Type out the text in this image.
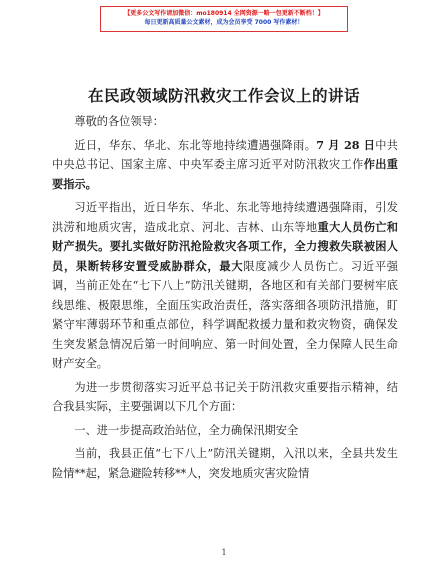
【更多公文写作请加微信：mo180914 全网资源一略一包更新不断档！】
每日更新高质量公文素材，成为会员享受 7000 写作素材！
在民政领域防汛救灾工作会议上的讲话

尊敬的各位领导：

近日，华东、华北、东北等地持续遭遇强降雨。7 月 28 日中共中央总书记、国家主席、中央军委主席习近平对防汛救灾工作作出重要指示。

习近平指出，近日华东、华北、东北等地持续遭遇强降雨，引发洪涝和地质灾害，造成北京、河北、吉林、山东等地重大人员伤亡和财产损失。要扎实做好防汛抢险救灾各项工作，全力搜救失联被困人员，果断转移安置受威胁群众，最大限度减少人员伤亡。习近平强调，当前正处在“七下八上”防汛关键期，各地区和有关部门要树牢底线思维、极限思维，全面压实政治责任，落实落细各项防汛措施，盯紧守牢薄弱环节和重点部位，科学调配救援力量和救灾物资，确保发生突发紧急情况后第一时间响应、第一时间处置，全力保障人民生命财产安全。

为进一步贯彻落实习近平总书记关于防汛救灾重要指示精神，结合我县实际，主要强调以下几个方面：

一、进一步提高政治站位，全力确保汛期安全

当前，我县正值“七下八上”防汛关键期，入汛以来，全县共发生险情**起，紧急避险转移**人，突发地质灾害灾险情

1
